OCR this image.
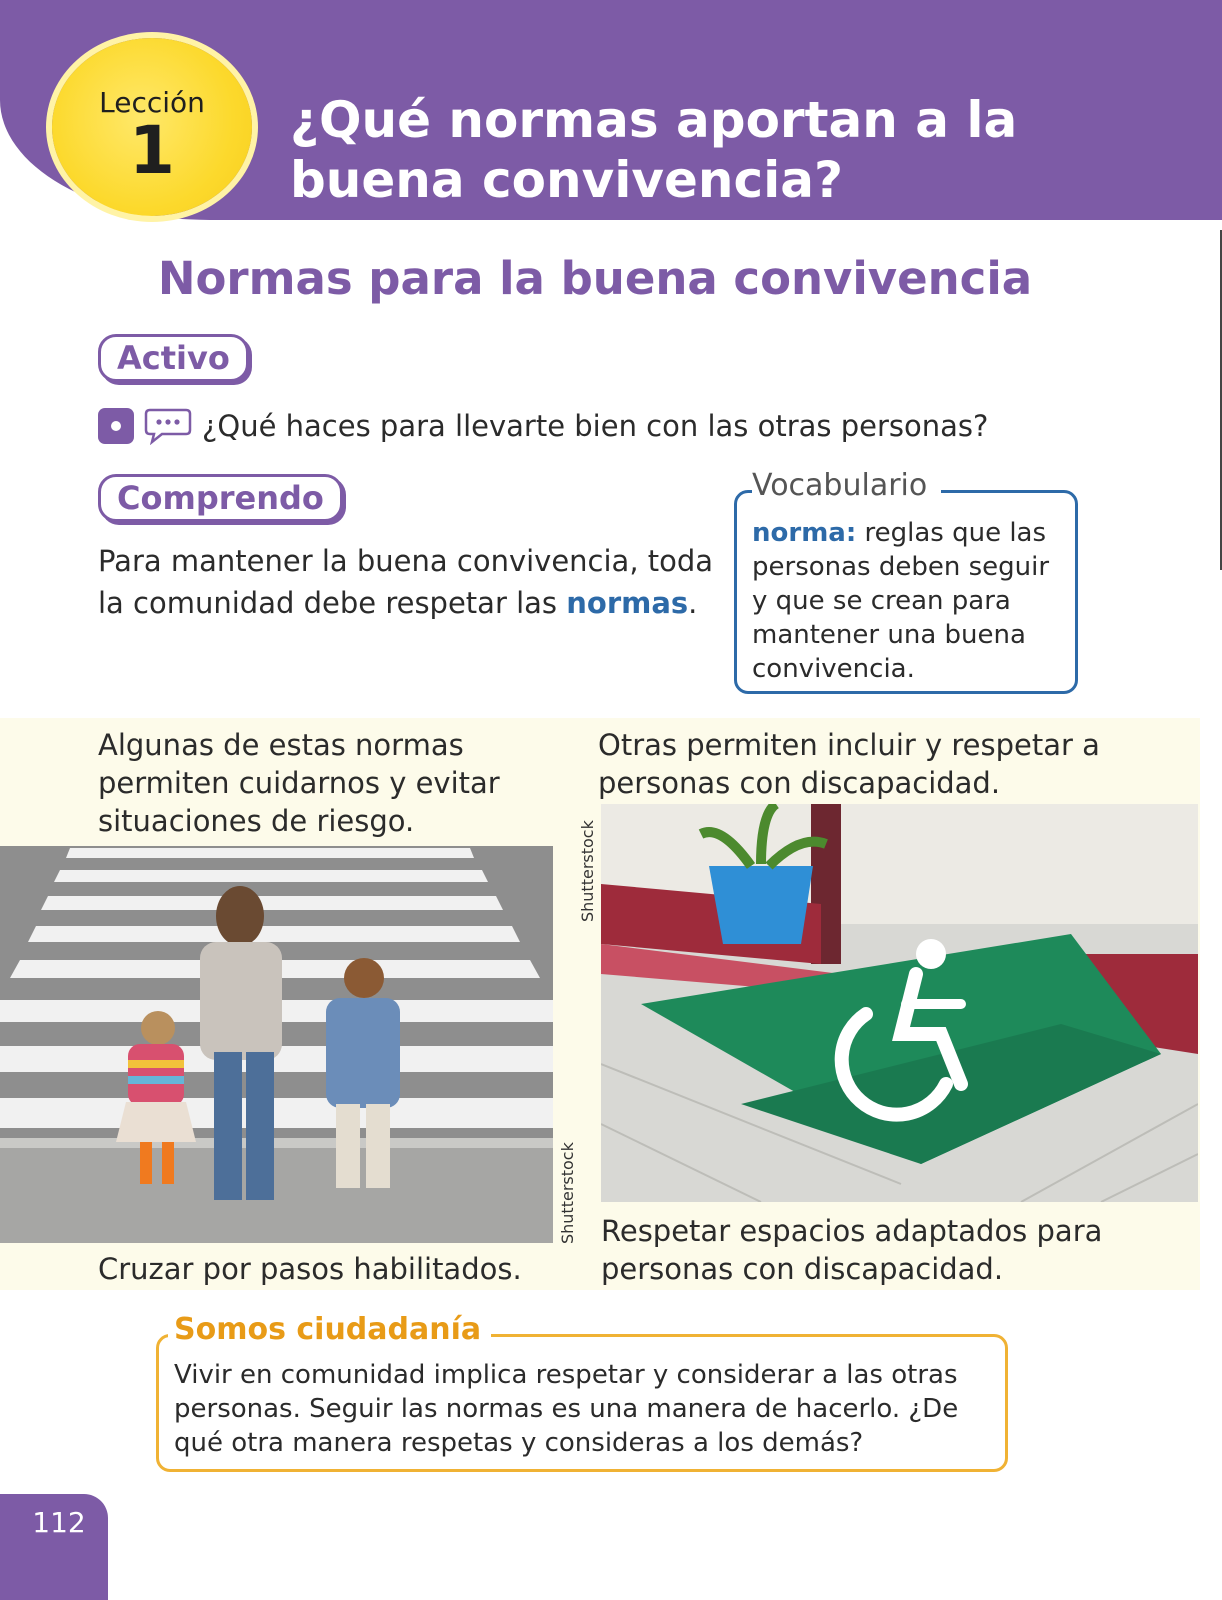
Lección
1	¿Qué normas aportan a la
buena convivencia?
Normas para la buena convivencia
Activo
¿Qué haces para llevarte bien con las otras personas?
Comprendo
Para mantener la buena convivencia, toda la comunidad debe respetar las normas.
Vocabulario
norma: reglas que las personas deben seguir y que se crean para mantener una buena convivencia.
Algunas de estas normas permiten cuidarnos y evitar situaciones de riesgo.
Otras permiten incluir y respetar a personas con discapacidad.
Shutterstock
Shutterstock
Cruzar por pasos habilitados.
Respetar espacios adaptados para personas con discapacidad.
Somos ciudadanía
Vivir en comunidad implica respetar y considerar a las otras personas. Seguir las normas es una manera de hacerlo. ¿De qué otra manera respetas y consideras a los demás?
112
